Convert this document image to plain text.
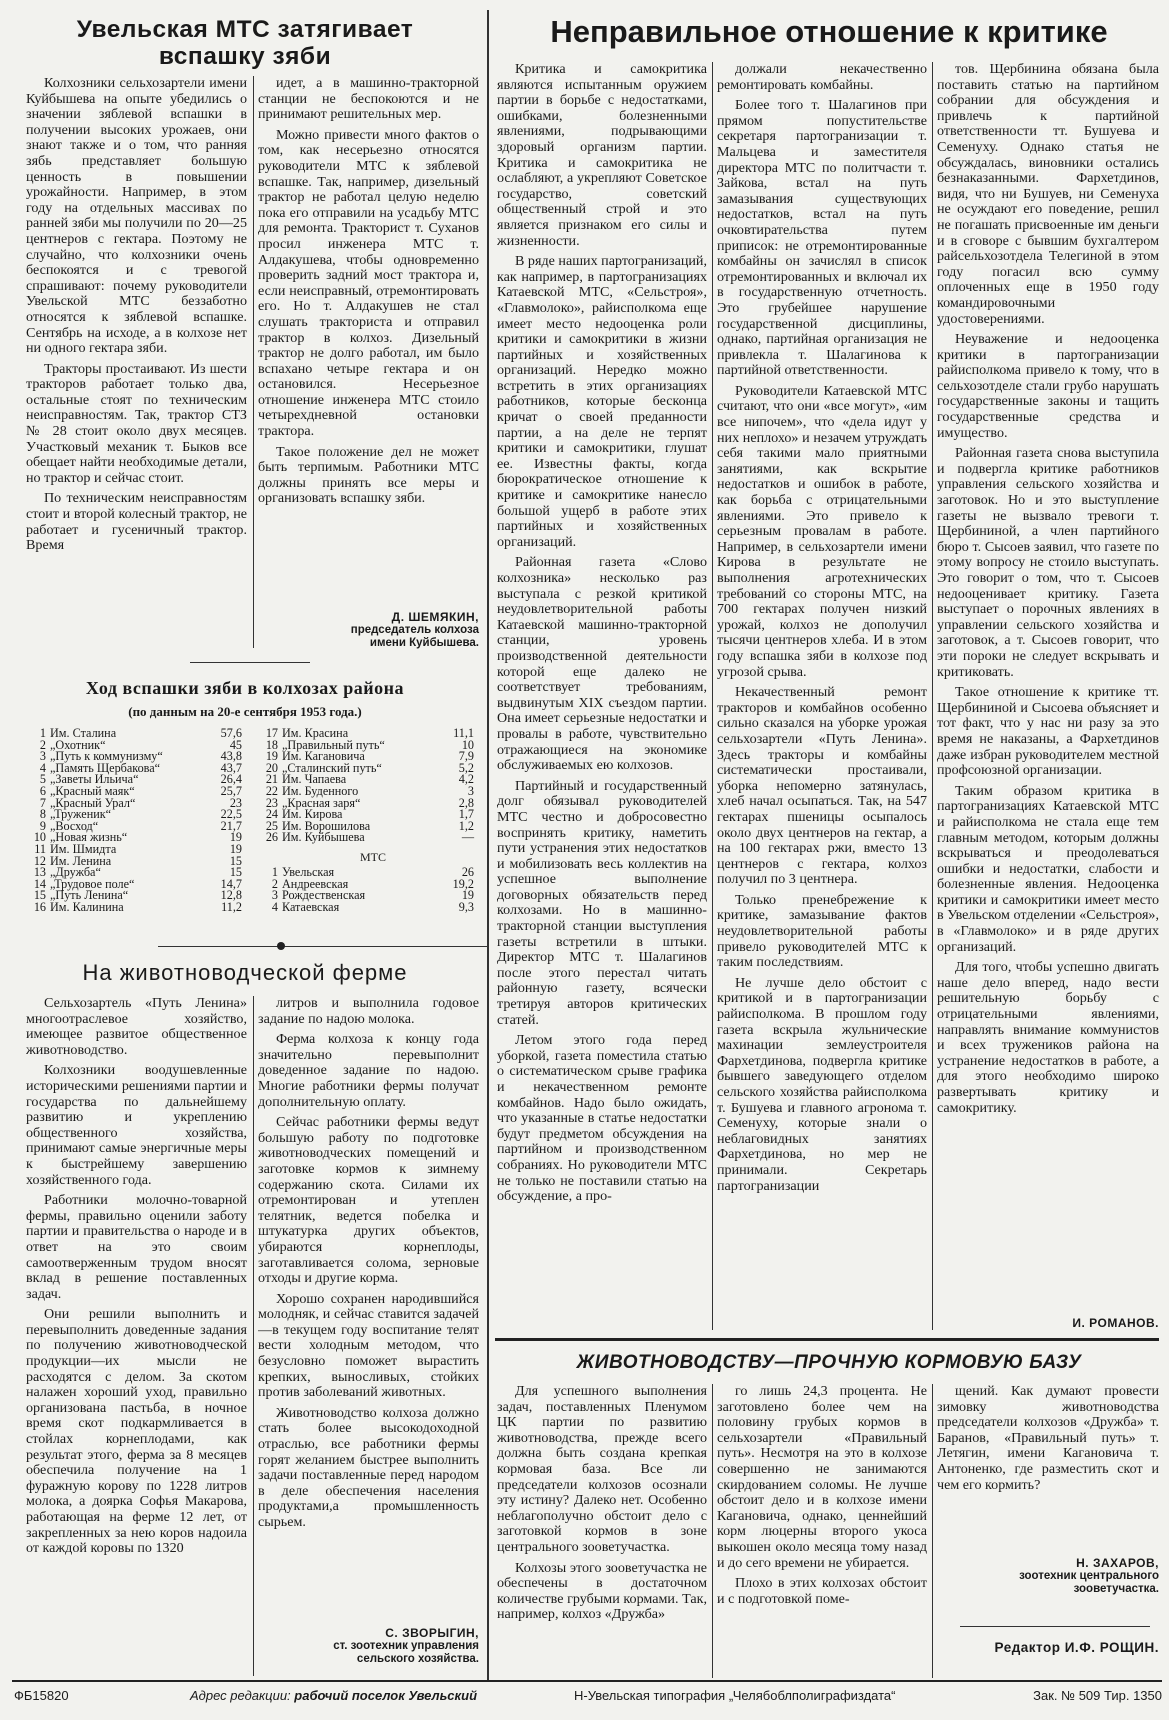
Увельская МТС затягивает
вспашку зяби

Колхозники сельхозартели имени Куйбышева на опыте убедились о значении зяблевой вспашки в получении высоких урожаев, они знают также и о том, что ранняя зябь представляет большую ценность в повышении урожайности. Например, в этом году на отдельных массивах по ранней зяби мы получили по 20—25 центнеров с гектара. Поэтому не случайно, что колхозники очень беспокоятся и с тревогой спрашивают: почему руководители Увельской МТС беззаботно относятся к зяблевой вспашке. Сентябрь на исходе, а в колхозе нет ни одного гектара зяби.

Тракторы простаивают. Из шести тракторов работает только два, остальные стоят по техническим неисправностям. Так, трактор СТЗ № 28 стоит около двух месяцев. Участковый механик т. Быков все обещает найти необходимые детали, но трактор и сейчас стоит.

По техническим неисправностям стоит и второй колесный трактор, не работает и гусеничный трактор. Время

идет, а в машинно-тракторной станции не беспокоются и не принимают решительных мер.

Можно привести много фактов о том, как несерьезно относятся руководители МТС к зяблевой вспашке. Так, например, дизельный трактор не работал целую неделю пока его отправили на усадьбу МТС для ремонта. Тракторист т. Суханов просил инженера МТС т. Алдакушева, чтобы одновременно проверить задний мост трактора и, если неисправный, отремонтировать его. Но т. Алдакушев не стал слушать тракториста и отправил трактор в колхоз. Дизельный трактор не долго работал, им было вспахано четыре гектара и он остановился. Несерьезное отношение инженера МТС стоило четырехдневной остановки трактора.

Такое положение дел не может быть терпимым. Работники МТС должны принять все меры и организовать вспашку зяби.

Д. ШЕМЯКИН,
председатель колхоза
имени Куйбышева.
Ход вспашки зяби в колхозах района
(по данным на 20-е сентября 1953 года.)
1	Им. Сталина	57,6
2	„Охотник“	45
3	„Путь к коммунизму“	43,8
4	„Память Щербакова“	43,7
5	„Заветы Ильича“	26,4
6	„Красный маяк“	25,7
7	„Красный Урал“	23
8	„Труженик“	22,5
9	„Восход“	21,7
10	„Новая жизнь“	19
11	Им. Шмидта	19
12	Им. Ленина	15
13	„Дружба“	15
14	„Трудовое поле“	14,7
15	„Путь Ленина“	12,8
16	Им. Калинина	11,2
17	Им. Красина	11,1
18	„Правильный путь“	10
19	Им. Кагановича	7,9
20	„Сталинский путь“	5,2
21	Им. Чапаева	4,2
22	Им. Буденного	3
23	„Красная заря“	2,8
24	Им. Кирова	1,7
25	Им. Ворошилова	1,2
26	Им. Куйбышева	—
МТС
1	Увельская	26
2	Андреевская	19,2
3	Рождественская	19
4	Катаевская	9,3
На животноводческой ферме

Сельхозартель «Путь Ленина» многоотраслевое хозяйство, имеющее развитое общественное животноводство.

Колхозники воодушевленные историческими решениями партии и государства по дальнейшему развитию и укреплению общественного хозяйства, принимают самые энергичные меры к быстрейшему завершению хозяйственного года.

Работники молочно-товарной фермы, правильно оценили заботу партии и правительства о народе и в ответ на это своим самоотверженным трудом вносят вклад в решение поставленных задач.

Они решили выполнить и перевыполнить доведенные задания по получению животноводческой продукции—их мысли не расходятся с делом. За скотом налажен хороший уход, правильно организована пастьба, в ночное время скот подкармливается в стойлах корнеплодами, как результат этого, ферма за 8 месяцев обеспечила получение на 1 фуражную корову по 1228 литров молока, а доярка Софья Макарова, работающая на ферме 12 лет, от закрепленных за нею коров надоила от каждой коровы по 1320

литров и выполнила годовое задание по надою молока.

Ферма колхоза к концу года значительно перевыполнит доведенное задание по надою. Многие работники фермы получат дополнительную оплату.

Сейчас работники фермы ведут большую работу по подготовке животноводческих помещений и заготовке кормов к зимнему содержанию скота. Силами их отремонтирован и утеплен телятник, ведется побелка и штукатурка других объектов, убираются корнеплоды, заготавливается солома, зерновые отходы и другие корма.

Хорошо сохранен народившийся молодняк, и сейчас ставится задачей—в текущем году воспитание телят вести холодным методом, что безусловно поможет вырастить крепких, выносливых, стойких против заболеваний животных.

Животноводство колхоза должно стать более высокодоходной отраслью, все работники фермы горят желанием быстрее выполнить задачи поставленные перед народом в деле обеспечения населения продуктами,а промышленность сырьем.

С. ЗВОРЫГИН,
ст. зоотехник управления
сельского хозяйства.
Неправильное отношение к критике

Критика и самокритика являются испытанным оружием партии в борьбе с недостатками, ошибками, болезненными явлениями, подрывающими здоровый организм партии. Критика и самокритика не ослабляют, а укрепляют Советское государство, советский общественный строй и это является признаком его силы и жизненности.

В ряде наших партогранизаций, как например, в партогранизациях Катаевской МТС, «Сельстроя», «Главмолоко», райисполкома еще имеет место недооценка роли критики и самокритики в жизни партийных и хозяйственных организаций. Нередко можно встретить в этих организациях работников, которые бесконца кричат о своей преданности партии, а на деле не терпят критики и самокритики, глушат ее. Известны факты, когда бюрократическое отношение к критике и самокритике нанесло большой ущерб в работе этих партийных и хозяйственных организаций.

Районная газета «Слово колхозника» несколько раз выступала с резкой критикой неудовлетворительной работы Катаевской машинно-тракторной станции, уровень производственной деятельности которой еще далеко не соответствует требованиям, выдвинутым XIX съездом партии. Она имеет серьезные недостатки и провалы в работе, чувствительно отражающиеся на экономике обслуживаемых ею колхозов.

Партийный и государственный долг обязывал руководителей МТС честно и добросовестно воспринять критику, наметить пути устранения этих недостатков и мобилизовать весь коллектив на успешное выполнение договорных обязательств перед колхозами. Но в машинно-тракторной станции выступления газеты встретили в штыки. Директор МТС т. Шалагинов после этого перестал читать районную газету, всячески третируя авторов критических статей.

Летом этого года перед уборкой, газета поместила статью о систематическом срыве графика и некачественном ремонте комбайнов. Надо было ожидать, что указанные в статье недостатки будут предметом обсуждения на партийном и производственном собраниях. Но руководители МТС не только не поставили статью на обсуждение, а про-

должали некачественно ремонтировать комбайны.

Более того т. Шалагинов при прямом попустительстве секретаря партогранизации т. Мальцева и заместителя директора МТС по политчасти т. Зайкова, встал на путь замазывания существующих недостатков, встал на путь очковтирательства путем приписок: не отремонтированные комбайны он зачислял в список отремонтированных и включал их в государственную отчетность. Это грубейшее нарушение государственной дисциплины, однако, партийная организация не привлекла т. Шалагинова к партийной ответственности.

Руководители Катаевской МТС считают, что они «все могут», «им все нипочем», что «дела идут у них неплохо» и незачем утруждать себя такими мало приятными занятиями, как вскрытие недостатков и ошибок в работе, как борьба с отрицательными явлениями. Это привело к серьезным провалам в работе. Например, в сельхозартели имени Кирова в результате не выполнения агротехнических требований со стороны МТС, на 700 гектарах получен низкий урожай, колхоз не дополучил тысячи центнеров хлеба. И в этом году вспашка зяби в колхозе под угрозой срыва.

Некачественный ремонт тракторов и комбайнов особенно сильно сказался на уборке урожая сельхозартели «Путь Ленина». Здесь тракторы и комбайны систематически простаивали, уборка непомерно затянулась, хлеб начал осыпаться. Так, на 547 гектарах пшеницы осыпалось около двух центнеров на гектар, а на 100 гектарах ржи, вместо 13 центнеров с гектара, колхоз получил по 3 центнера.

Только пренебрежение к критике, замазывание фактов неудовлетворительной работы привело руководителей МТС к таким последствиям.

Не лучше дело обстоит с критикой и в партогранизации райисполкома. В прошлом году газета вскрыла жульнические махинации землеустроителя Фархетдинова, подвергла критике бывшего заведующего отделом сельского хозяйства райисполкома т. Бушуева и главного агронома т. Семенуху, которые знали о неблаговидных занятиях Фархетдинова, но мер не принимали. Секретарь партогранизации

тов. Щербинина обязана была поставить статью на партийном собрании для обсуждения и привлечь к партийной ответственности тт. Бушуева и Семенуху. Однако статья не обсуждалась, виновники остались безнаказанными. Фархетдинов, видя, что ни Бушуев, ни Семенуха не осуждают его поведение, решил не погашать присвоенные им деньги и в сговоре с бывшим бухгалтером райсельхозотдела Телегиной в этом году погасил всю сумму оплоченных еще в 1950 году командировочными удостоверениями.

Неуважение и недооценка критики в партогранизации райисполкома привело к тому, что в сельхозотделе стали грубо нарушать государственные законы и тащить государственные средства и имущество.

Районная газета снова выступила и подвергла критике работников управления сельского хозяйства и заготовок. Но и это выступление газеты не вызвало тревоги т. Щербининой, а член партийного бюро т. Сысоев заявил, что газете по этому вопросу не стоило выступать. Это говорит о том, что т. Сысоев недооценивает критику. Газета выступает о порочных явлениях в управлении сельского хозяйства и заготовок, а т. Сысоев говорит, что эти пороки не следует вскрывать и критиковать.

Такое отношение к критике тт. Щербининой и Сысоева объясняет и тот факт, что у нас ни разу за это время не наказаны, а Фархетдинов даже избран руководителем местной профсоюзной организации.

Таким образом критика в партогранизациях Катаевской МТС и райисполкома не стала еще тем главным методом, которым должны вскрываться и преодолеваться ошибки и недостатки, слабости и болезненные явления. Недооценка критики и самокритики имеет место в Увельском отделении «Сельстроя», в «Главмолоко» и в ряде других организаций.

Для того, чтобы успешно двигать наше дело вперед, надо вести решительную борьбу с отрицательными явлениями, направлять внимание коммунистов и всех тружеников района на устранение недостатков в работе, а для этого необходимо широко развертывать критику и самокритику.

И. РОМАНОВ.
ЖИВОТНОВОДСТВУ—ПРОЧНУЮ КОРМОВУЮ БАЗУ

Для успешного выполнения задач, поставленных Пленумом ЦК партии по развитию животноводства, прежде всего должна быть создана крепкая кормовая база. Все ли председатели колхозов осознали эту истину? Далеко нет. Особенно неблагополучно обстоит дело с заготовкой кормов в зоне центрального зооветучастка.

Колхозы этого зооветучастка не обеспечены в достаточном количестве грубыми кормами. Так, например, колхоз «Дружба»

го лишь 24,3 процента. Не заготовлено более чем на половину грубых кормов в сельхозартели «Правильный путь». Несмотря на это в колхозе совершенно не занимаются скирдованием соломы. Не лучше обстоит дело и в колхозе имени Кагановича, однако, ценнейший корм люцерны второго укоса выкошен около месяца тому назад и до сего времени не убирается.

Плохо в этих колхозах обстоит и с подготовкой поме-

щений. Как думают провести зимовку животноводства председатели колхозов «Дружба» т. Баранов, «Правильный путь» т. Летягин, имени Кагановича т. Антоненко, где разместить скот и чем его кормить?

Н. ЗАХАРОВ,
зоотехник центрального
зооветучастка.
Редактор И.Ф. РОЩИН.
ФБ15820	Адрес редакции: рабочий поселок Увельский	Н-Увельская типография „Челябоблполиграфиздата“	Зак. № 509 Тир. 1350
